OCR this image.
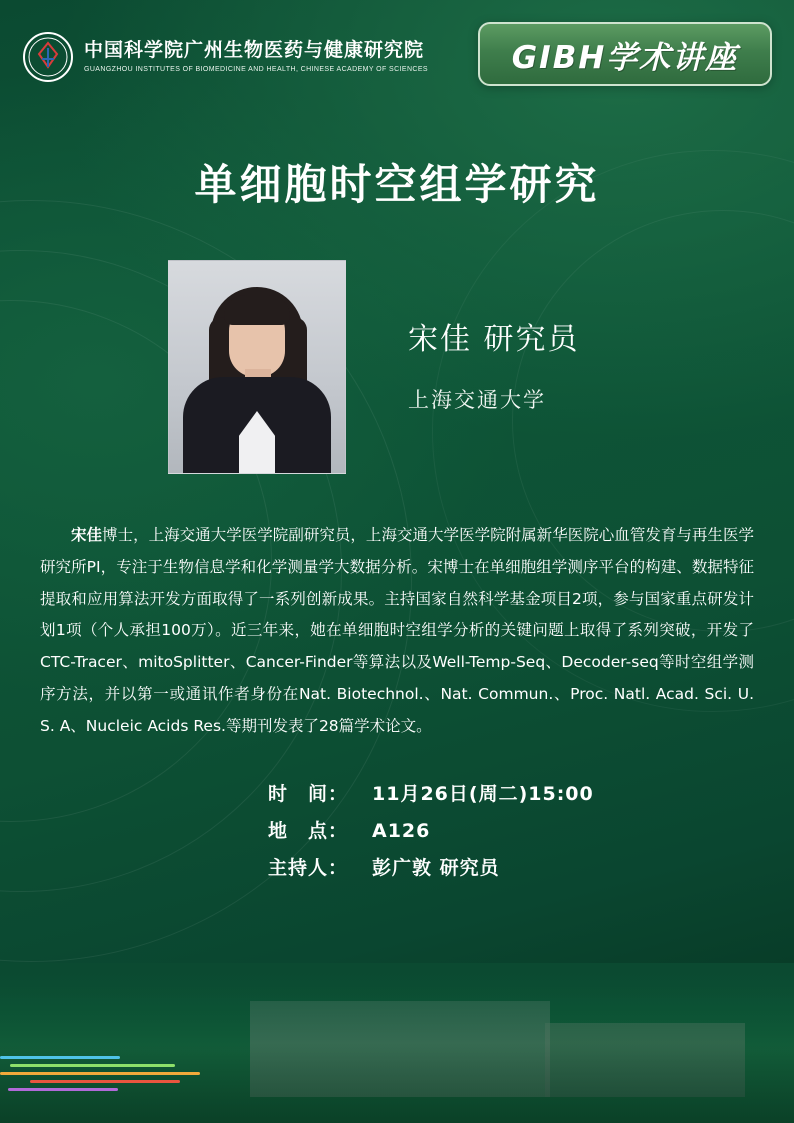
中国科学院广州生物医药与健康研究院
GUANGZHOU INSTITUTES OF BIOMEDICINE AND HEALTH, CHINESE ACADEMY OF SCIENCES	GIBH学术讲座
单细胞时空组学研究
宋佳 研究员
上海交通大学
宋佳博士，上海交通大学医学院副研究员，上海交通大学医学院附属新华医院心血管发育与再生医学研究所PI，专注于生物信息学和化学测量学大数据分析。宋博士在单细胞组学测序平台的构建、数据特征提取和应用算法开发方面取得了一系列创新成果。主持国家自然科学基金项目2项，参与国家重点研发计划1项（个人承担100万）。近三年来，她在单细胞时空组学分析的关键问题上取得了系列突破，开发了CTC-Tracer、mitoSplitter、Cancer-Finder等算法以及Well-Temp-Seq、Decoder-seq等时空组学测序方法，并以第一或通讯作者身份在Nat. Biotechnol.、Nat. Commun.、Proc. Natl. Acad. Sci. U. S. A、Nucleic Acids Res.等期刊发表了28篇学术论文。
时　间：	11月26日(周二)15:00
地　点：	A126
主持人：	彭广敦 研究员
